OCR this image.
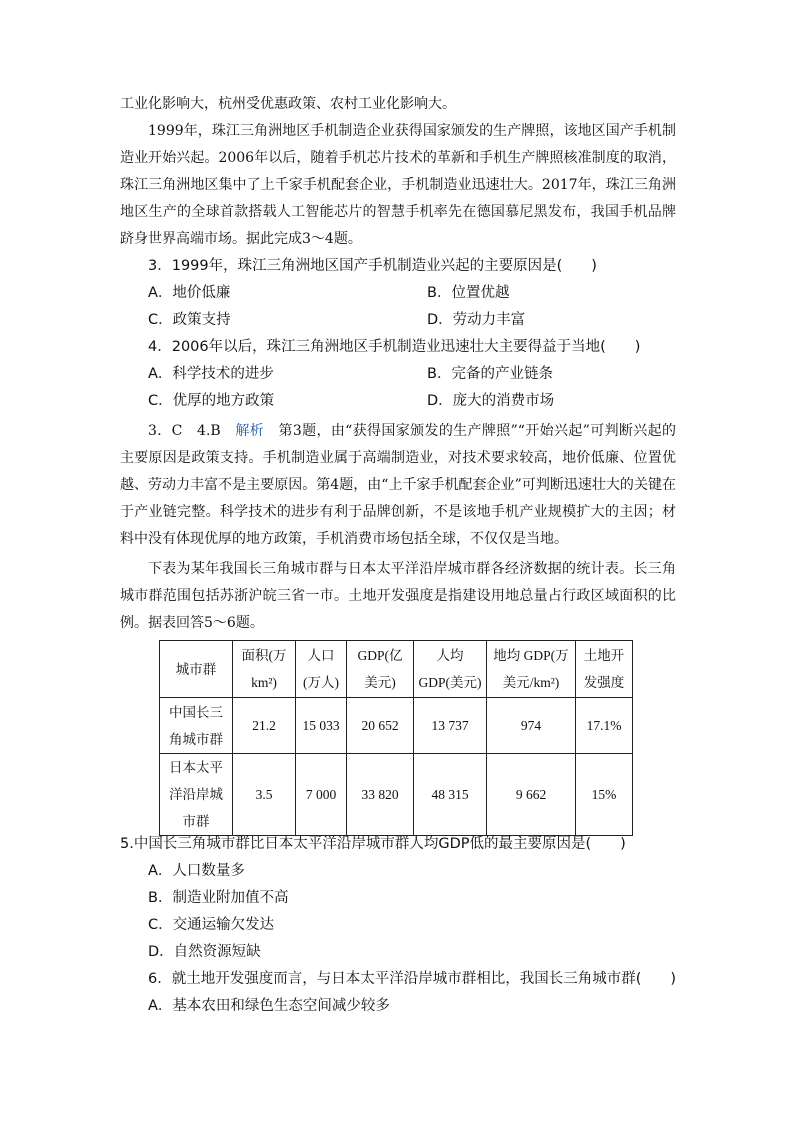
工业化影响大，杭州受优惠政策、农村工业化影响大。

1999年，珠江三角洲地区手机制造企业获得国家颁发的生产牌照，该地区国产手机制造业开始兴起。2006年以后，随着手机芯片技术的革新和手机生产牌照核准制度的取消，珠江三角洲地区集中了上千家手机配套企业，手机制造业迅速壮大。2017年，珠江三角洲地区生产的全球首款搭载人工智能芯片的智慧手机率先在德国慕尼黑发布，我国手机品牌跻身世界高端市场。据此完成3～4题。

3．1999年，珠江三角洲地区国产手机制造业兴起的主要原因是(　　)

A．地价低廉	B．位置优越
C．政策支持	D．劳动力丰富

4．2006年以后，珠江三角洲地区手机制造业迅速壮大主要得益于当地(　　)

A．科学技术的进步	B．完备的产业链条
C．优厚的地方政策	D．庞大的消费市场

3．C　4.B　解析　第3题，由“获得国家颁发的生产牌照”“开始兴起”可判断兴起的主要原因是政策支持。手机制造业属于高端制造业，对技术要求较高，地价低廉、位置优越、劳动力丰富不是主要原因。第4题，由“上千家手机配套企业”可判断迅速壮大的关键在于产业链完整。科学技术的进步有利于品牌创新，不是该地手机产业规模扩大的主因；材料中没有体现优厚的地方政策，手机消费市场包括全球，不仅仅是当地。

下表为某年我国长三角城市群与日本太平洋沿岸城市群各经济数据的统计表。长三角城市群范围包括苏浙沪皖三省一市。土地开发强度是指建设用地总量占行政区域面积的比例。据表回答5～6题。

城市群	面积(万 km²)	人口(万人)	GDP(亿美元)	人均 GDP(美元)	地均 GDP(万美元/km²)	土地开发强度
中国长三角城市群	21.2	15 033	20 652	13 737	974	17.1%
日本太平洋沿岸城市群	3.5	7 000	33 820	48 315	9 662	15%

5.中国长三角城市群比日本太平洋沿岸城市群人均GDP低的最主要原因是(　　)

A．人口数量多
B．制造业附加值不高
C．交通运输欠发达
D．自然资源短缺

6．就土地开发强度而言，与日本太平洋沿岸城市群相比，我国长三角城市群(　　)

A．基本农田和绿色生态空间减少较多
